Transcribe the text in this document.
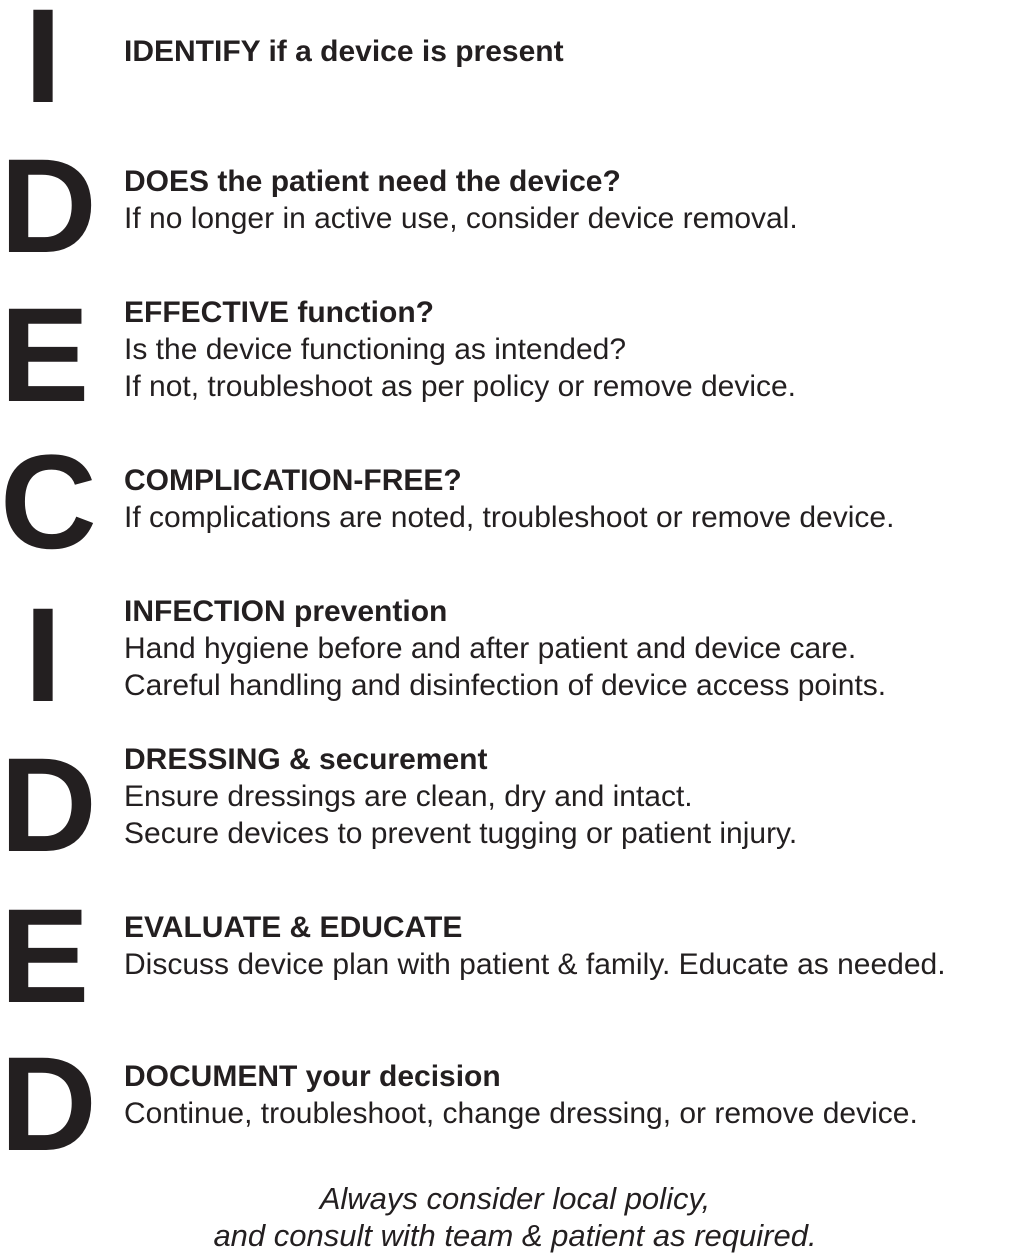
I	IDENTIFY if a device is present
D DOES the patient need the device?
If no longer in active use, consider device removal.
E EFFECTIVE function?
Is the device functioning as intended?
If not, troubleshoot as per policy or remove device.
C COMPLICATION-FREE?
If complications are noted, troubleshoot or remove device.
I	INFECTION prevention
Hand hygiene before and after patient and device care.
Careful handling and disinfection of device access points.
D DRESSING & securement
Ensure dressings are clean, dry and intact.
Secure devices to prevent tugging or patient injury.
E EVALUATE & EDUCATE
Discuss device plan with patient & family. Educate as needed.
D DOCUMENT your decision
Continue, troubleshoot, change dressing, or remove device.
Always consider local policy,
and consult with team & patient as required.
